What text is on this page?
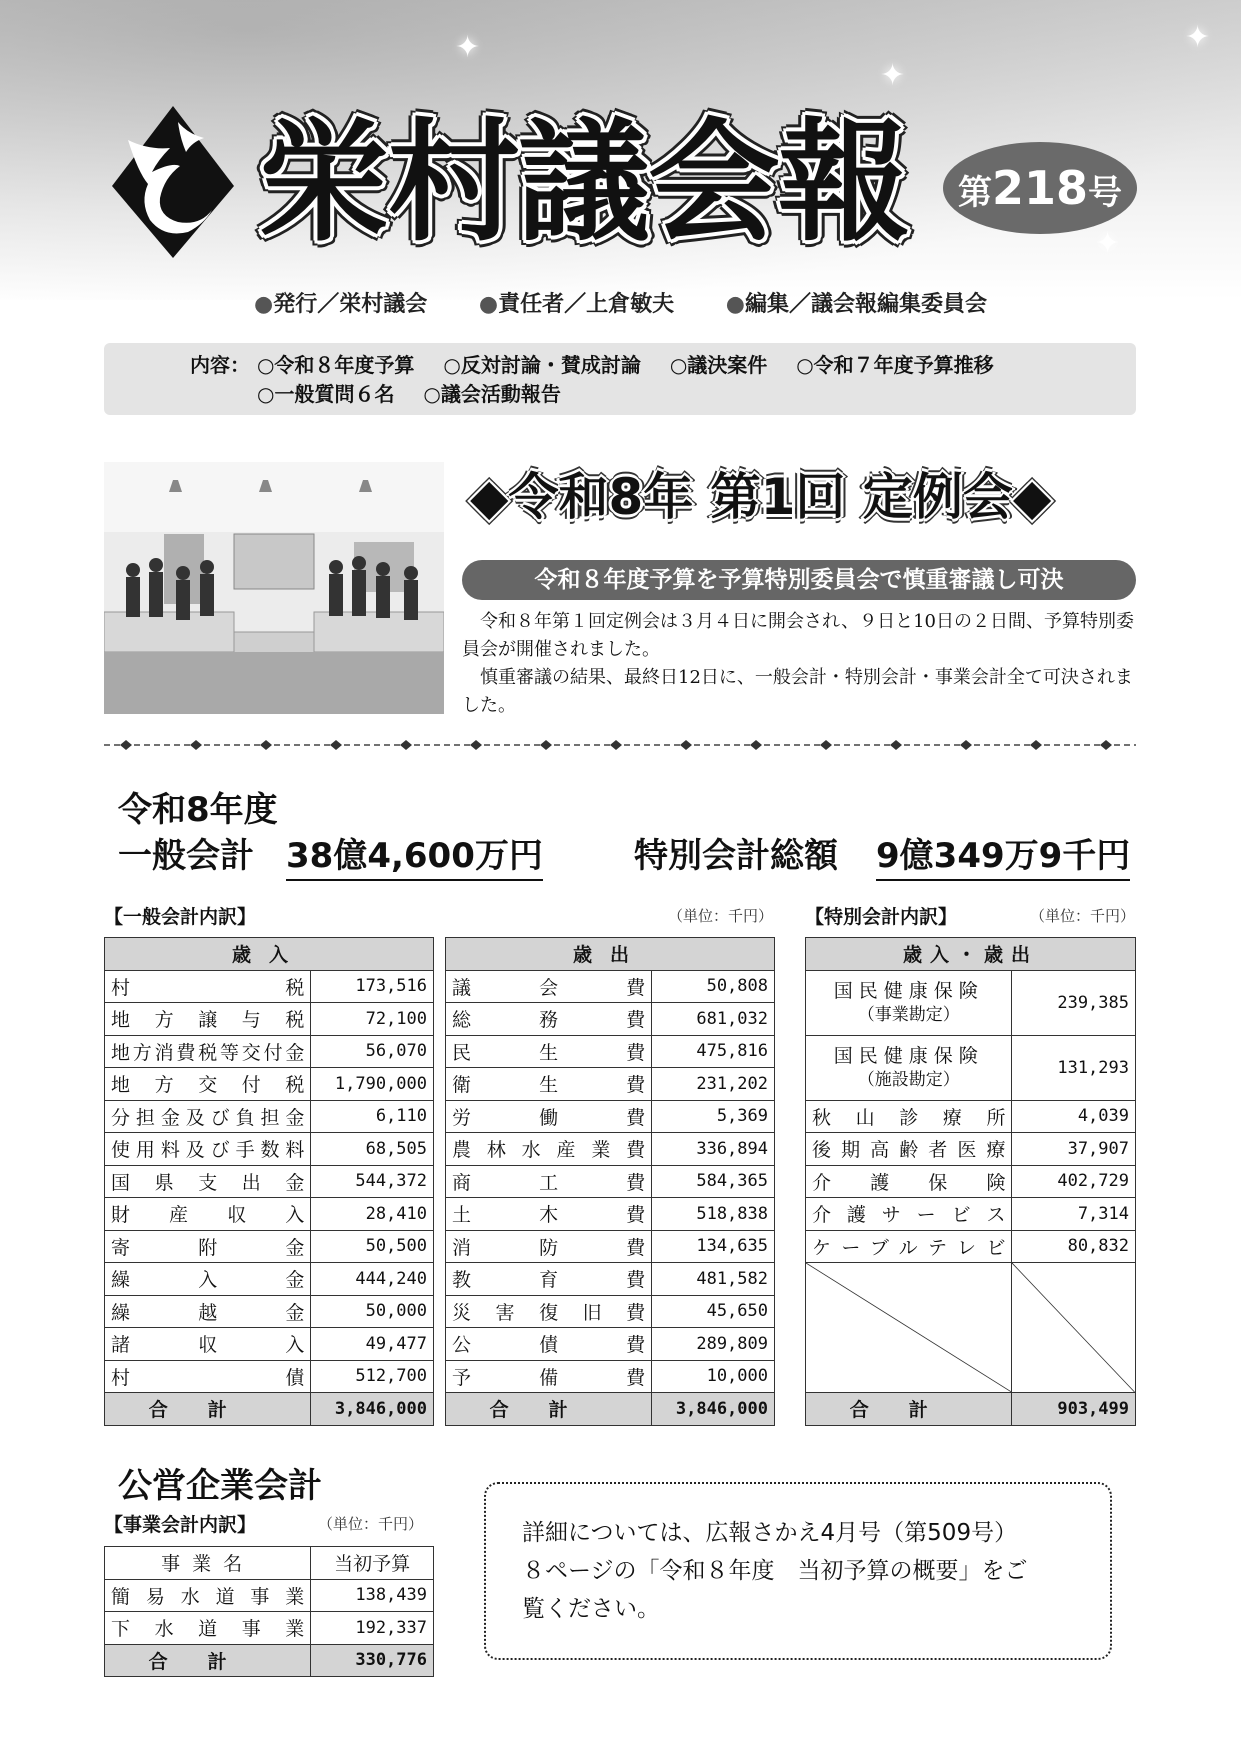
✦
✦
✦
✦
栄村議会報	第218号
●発行／栄村議会 ●責任者／上倉敏夫 ●編集／議会報編集委員会
内容： ○令和８年度予算 ○反対討論・賛成討論 ○議決案件 ○令和７年度予算推移
○一般質問６名 ○議会活動報告
◆令和8年 第1回 定例会◆
令和８年度予算を予算特別委員会で慎重審議し可決

令和８年第１回定例会は３月４日に開会され、９日と10日の２日間、予算特別委員会が開催されました。

慎重審議の結果、最終日12日に、一般会計・特別会計・事業会計全て可決されました。

令和8年度
一般会計 38億4,600万円	特別会計総額 9億349万9千円
【一般会計内訳】	（単位：千円） 【特別会計内訳】	（単位：千円）
歳入	
村税	173,516
地方譲与税	72,100
地方消費税等交付金	56,070
地方交付税	1,790,000
分担金及び負担金	6,110
使用料及び手数料	68,505
国県支出金	544,372
財産収入	28,410
寄附金	50,500
繰入金	444,240
繰越金	50,000
諸収入	49,477
村債	512,700
合計	3,846,000
歳出	
議会費	50,808
総務費	681,032
民生費	475,816
衛生費	231,202
労働費	5,369
農林水産業費	336,894
商工費	584,365
土木費	518,838
消防費	134,635
教育費	481,582
災害復旧費	45,650
公債費	289,809
予備費	10,000
合計	3,846,000
歳入・歳出	

国民健康保険
（事業勘定）	239,385

国民健康保険
（施設勘定）	131,293
秋山診療所	4,039
後期高齢者医療	37,907
介護保険	402,729
介護サービス	7,314
ケーブルテレビ	80,832

合計	903,499
公営企業会計
【事業会計内訳】	（単位：千円）
事業名	当初予算
簡易水道事業	138,439
下水道事業	192,337
合計	330,776
詳細については、広報さかえ4月号（第509号）
８ページの「令和８年度　当初予算の概要」をご
覧ください。
